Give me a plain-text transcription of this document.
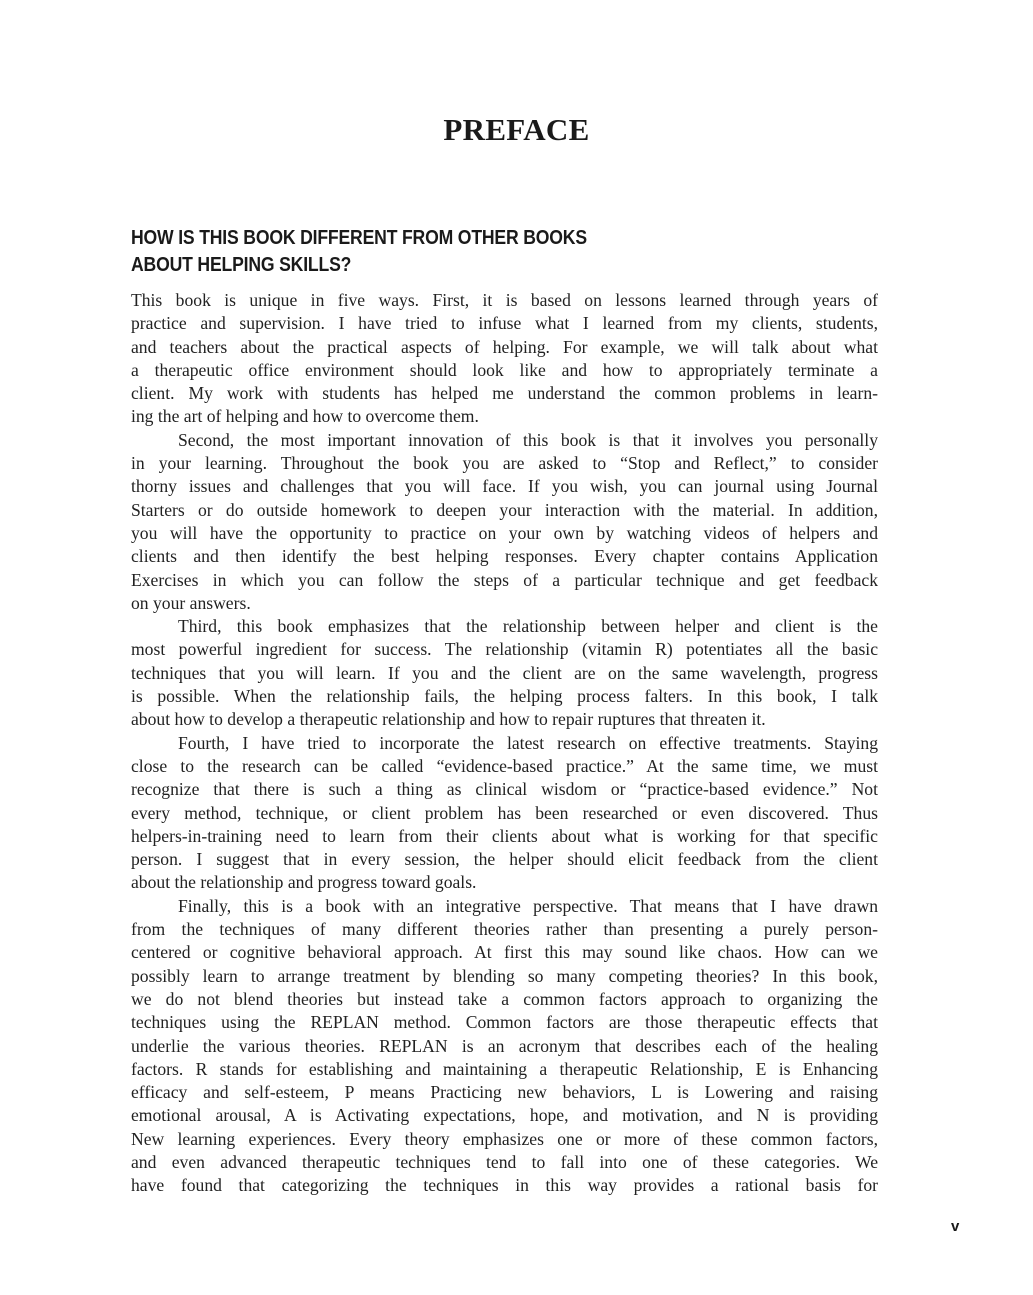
PREFACE
HOW IS THIS BOOK DIFFERENT FROM OTHER BOOKS
ABOUT HELPING SKILLS?
This book is unique in five ways. First, it is based on lessons learned through years of
practice and supervision. I have tried to infuse what I learned from my clients, students,
and teachers about the practical aspects of helping. For example, we will talk about what
a therapeutic office environment should look like and how to appropriately terminate a
client. My work with students has helped me understand the common problems in learn-
ing the art of helping and how to overcome them.
Second, the most important innovation of this book is that it involves you personally
in your learning. Throughout the book you are asked to “Stop and Reflect,” to consider
thorny issues and challenges that you will face. If you wish, you can journal using Journal
Starters or do outside homework to deepen your interaction with the material. In addition,
you will have the opportunity to practice on your own by watching videos of helpers and
clients and then identify the best helping responses. Every chapter contains Application
Exercises in which you can follow the steps of a particular technique and get feedback
on your answers.
Third, this book emphasizes that the relationship between helper and client is the
most powerful ingredient for success. The relationship (vitamin R) potentiates all the basic
techniques that you will learn. If you and the client are on the same wavelength, progress
is possible. When the relationship fails, the helping process falters. In this book, I talk
about how to develop a therapeutic relationship and how to repair ruptures that threaten it.
Fourth, I have tried to incorporate the latest research on effective treatments. Staying
close to the research can be called “evidence-based practice.” At the same time, we must
recognize that there is such a thing as clinical wisdom or “practice-based evidence.” Not
every method, technique, or client problem has been researched or even discovered. Thus
helpers-in-training need to learn from their clients about what is working for that specific
person. I suggest that in every session, the helper should elicit feedback from the client
about the relationship and progress toward goals.
Finally, this is a book with an integrative perspective. That means that I have drawn
from the techniques of many different theories rather than presenting a purely person-
centered or cognitive behavioral approach. At first this may sound like chaos. How can we
possibly learn to arrange treatment by blending so many competing theories? In this book,
we do not blend theories but instead take a common factors approach to organizing the
techniques using the REPLAN method. Common factors are those therapeutic effects that
underlie the various theories. REPLAN is an acronym that describes each of the healing
factors. R stands for establishing and maintaining a therapeutic Relationship, E is Enhancing
efficacy and self-esteem, P means Practicing new behaviors, L is Lowering and raising
emotional arousal, A is Activating expectations, hope, and motivation, and N is providing
New learning experiences. Every theory emphasizes one or more of these common factors,
and even advanced therapeutic techniques tend to fall into one of these categories. We
have found that categorizing the techniques in this way provides a rational basis for
v
